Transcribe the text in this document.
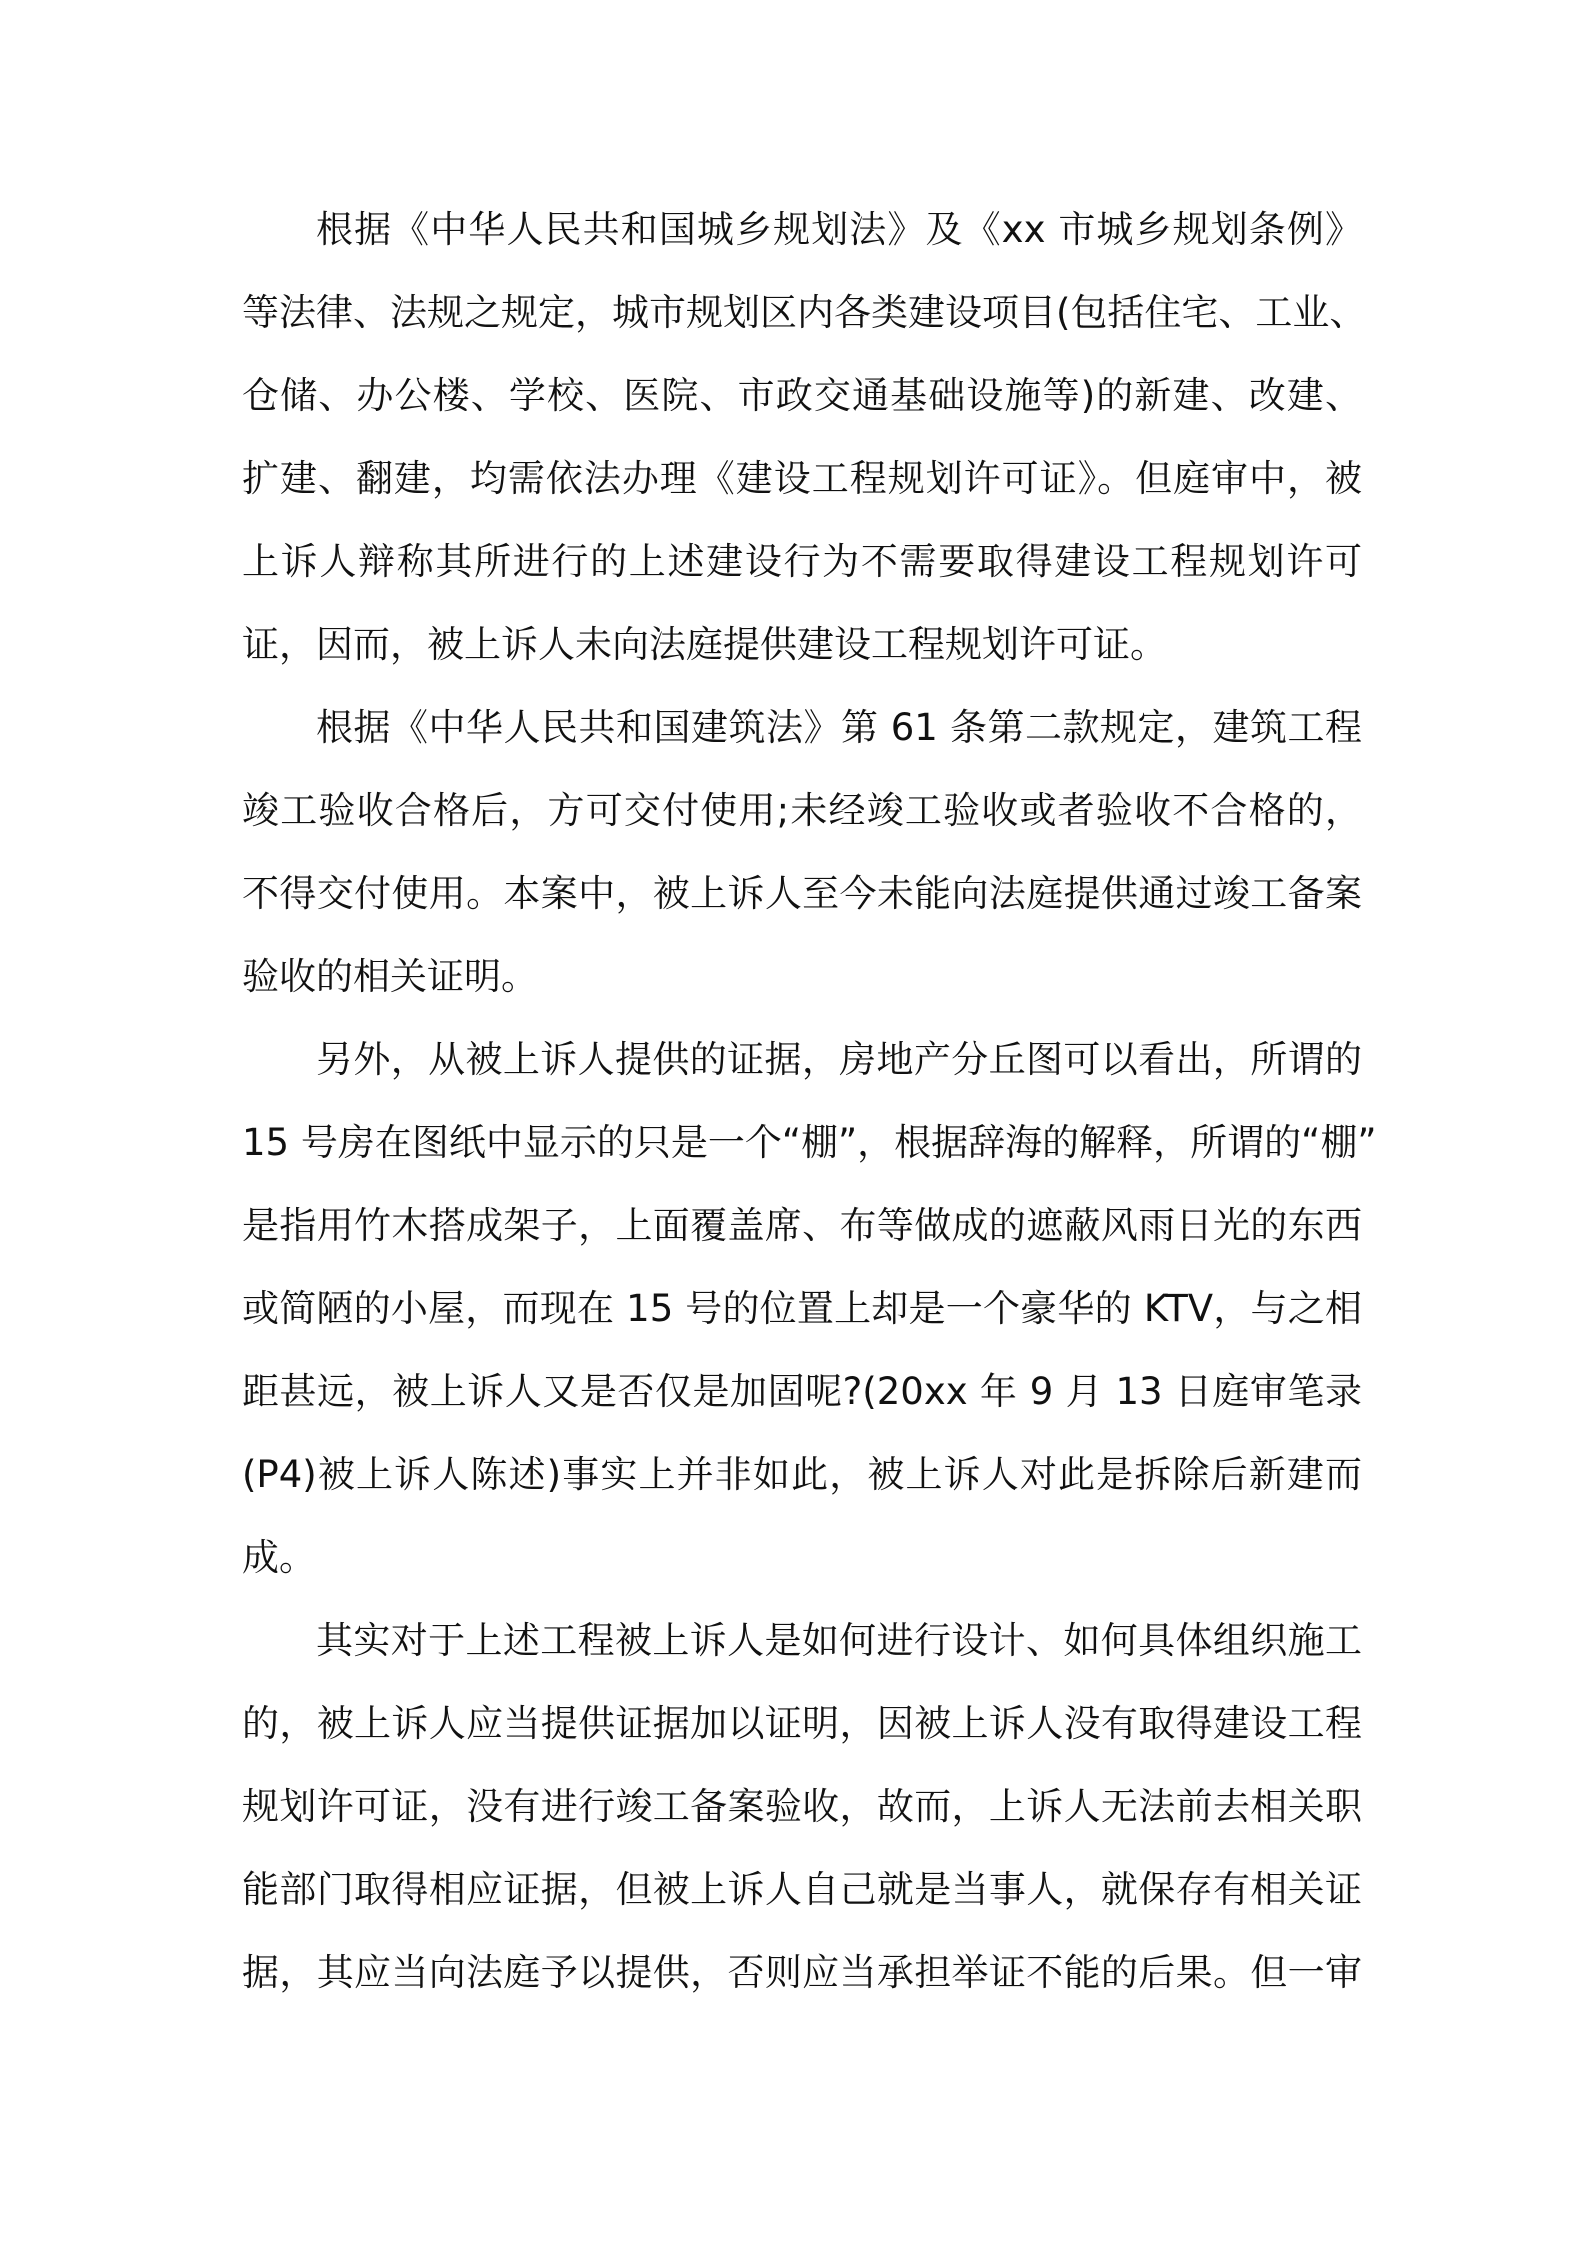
根据《中华人民共和国城乡规划法》及《xx 市城乡规划条例》
等法律、法规之规定，城市规划区内各类建设项目(包括住宅、工业、
仓储、办公楼、学校、医院、市政交通基础设施等)的新建、改建、
扩建、翻建，均需依法办理《建设工程规划许可证》。但庭审中，被
上诉人辩称其所进行的上述建设行为不需要取得建设工程规划许可
证，因而，被上诉人未向法庭提供建设工程规划许可证。
根据《中华人民共和国建筑法》第 61 条第二款规定，建筑工程
竣工验收合格后，方可交付使用;未经竣工验收或者验收不合格的，
不得交付使用。本案中，被上诉人至今未能向法庭提供通过竣工备案
验收的相关证明。
另外，从被上诉人提供的证据，房地产分丘图可以看出，所谓的
15 号房在图纸中显示的只是一个“棚”，根据辞海的解释，所谓的“棚”
是指用竹木搭成架子，上面覆盖席、布等做成的遮蔽风雨日光的东西
或简陋的小屋，而现在 15 号的位置上却是一个豪华的 KTV，与之相
距甚远，被上诉人又是否仅是加固呢?(20xx 年 9 月 13 日庭审笔录
(P4)被上诉人陈述)事实上并非如此，被上诉人对此是拆除后新建而
成。
其实对于上述工程被上诉人是如何进行设计、如何具体组织施工
的，被上诉人应当提供证据加以证明，因被上诉人没有取得建设工程
规划许可证，没有进行竣工备案验收，故而，上诉人无法前去相关职
能部门取得相应证据，但被上诉人自己就是当事人，就保存有相关证
据，其应当向法庭予以提供，否则应当承担举证不能的后果。但一审
